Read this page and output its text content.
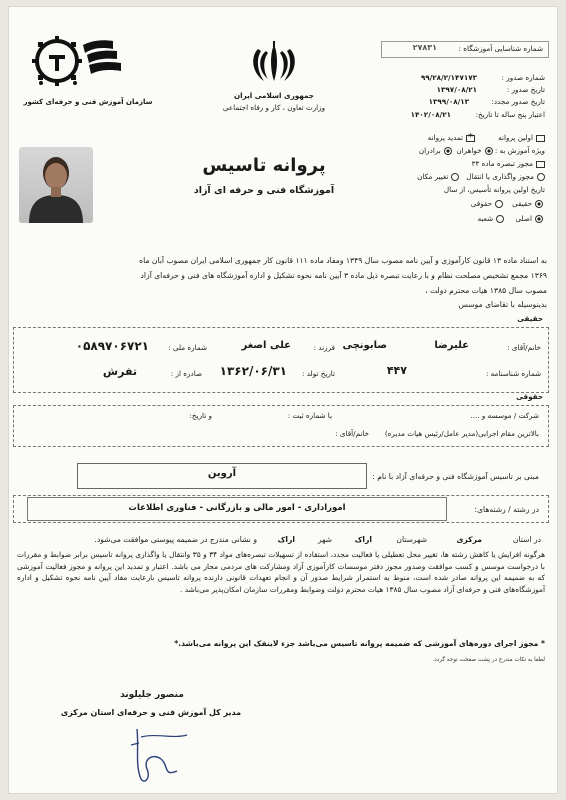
شماره شناسایی آموزشگاه :
۲۷۸۳۱
شماره صدور :
۹۹/۲۸/۲/۱۴۷۱۷۳
تاریخ صدور :
۱۳۹۷/۰۸/۲۱
تاریخ صدور مجدد:
۱۳۹۹/۰۸/۱۳
اعتبار پنج ساله تا تاریخ:
۱۴۰۲/۰۸/۲۱
اولین پروانه
*
تمدید پروانه
ویژه آموزش به : خواهران  برادران
مجوز تبصره ماده ۳۴
مجوز واگذاری یا انتقال   تغییر مکان
تاریخ اولین پروانه تأسیس، از سال
حقیقی    حقوقی
اصلی     شعبه
جمهوری اسلامی ایران
وزارت تعاون ، کار و رفاه اجتماعی
سازمان آموزش فنی و حرفه‌ای کشور
پروانه تاسیس
آموزشگاه فنی و حرفه ای آزاد
به استناد ماده ۱۳ قانون کارآموزی و آیین نامه مصوب سال ۱۳۴۹ ومفاد ماده ۱۱۱ قانون کار جمهوری اسلامی ایران مصوب آبان ماه
۱۳۶۹ مجمع تشخیص مصلحت نظام و با رعایت تبصره ذیل ماده ۳ آیین نامه نحوه تشکیل و اداره آموزشگاه های فنی و حرفه‌ای آزاد
مصوب سال ۱۳۸۵ هیات محترم دولت ،
بدینوسیله با تقاضای موسس
حقیقی
خانم/آقای :
علیرضا
صابونچی
فرزند :
علی اصغر
شماره ملی :
۰۵۸۹۷۰۶۷۲۱
شماره شناسنامه :
۴۴۷
تاریخ تولد :
۱۳۶۲/۰۶/۳۱
صادره از :
تفرش
حقوقی
شرکت / موسسه و ....
با شماره ثبت :
و تاریخ:
بالاترین مقام اجرایی(مدیر عامل/رئیس هیات مدیره)
خانم/آقای :
مبنی بر تاسیس آموزشگاه فنی و حرفه‌ای آزاد با نام :
آروین
در رشته / رشته‌های:
اموراداری - امور مالی و بازرگانی - فناوری اطلاعات
در استان
مرکزی
شهرستان
اراک
شهر
اراک
و نشانی مندرج در ضمیمه پیوستی موافقت می‌شود.
هرگونه افزایش یا کاهش رشته ها، تغییر محل تعطیلی یا فعالیت مجدد، استفاده از تسهیلات تبصره‌های مواد ۳۴ و ۳۵ وانتقال یا واگذاری پروانه تاسیس برابر ضوابط و مقررات با درخواست موسس و کسب موافقت وصدور مجوز دفتر موسسات کارآموزی آزاد ومشارکت های مردمی مجاز می باشد. اعتبار و تمدید این پروانه و مجوز فعالیت آموزشی که به ضمیمه این پروانه صادر شده است، منوط به استمرار شرایط صدور آن و انجام تعهدات قانونی دارنده پروانه تاسیس بارعایت مفاد آیین نامه نحوه تشکیل و اداره آموزشگاه‌های فنی و حرفه‌ای آزاد مصوب سال ۱۳۸۵ هیات محترم دولت وضوابط ومقررات سازمان امکان‌پذیر می‌باشد .
* مجوز اجرای دوره‌های آموزشی که ضمیمه پروانه تاسیس می‌باشد جزء لاینفک این پروانه می‌باشد.*
لطفا به نکات مندرج در پشت صفحت توجه گردد.
منصور جلیلوند
مدیر کل آموزش فنی و حرفه‌ای استان مرکزی
